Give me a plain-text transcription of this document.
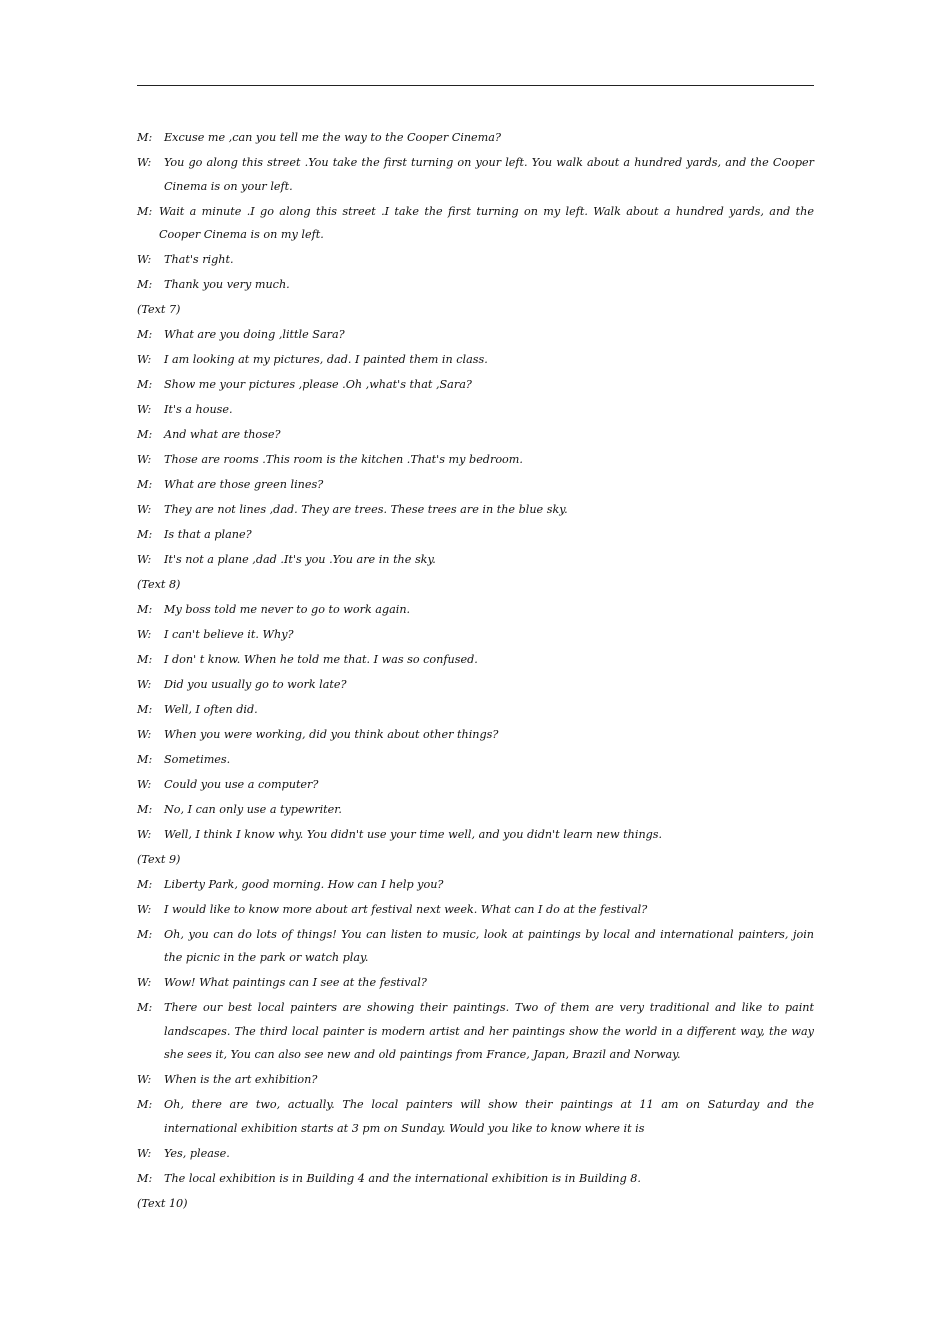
M:	Excuse me ,can you tell me the way to the Cooper Cinema?
W:	You go along this street .You take the first turning on your left. You walk about a hundred yards, and the Cooper Cinema is on your left.
M: Wait a minute .I go along this street .I take the first turning on my left. Walk about a hundred yards, and the Cooper Cinema is on my left.
W:	That's right.
M:	Thank you very much.
(Text 7)
M:	What are you doing ,little Sara?
W:	I am looking at my pictures, dad. I painted them in class.
M:	Show me your pictures ,please .Oh ,what's that ,Sara?
W:	It's a house.
M:	And what are those?
W:	Those are rooms .This room is the kitchen .That's my bedroom.
M:	What are those green lines?
W:	They are not lines ,dad. They are trees. These trees are in the blue sky.
M:	Is that a plane?
W:	It's not a plane ,dad .It's you .You are in the sky.
(Text 8)
M:	My boss told me never to go to work again.
W:	I can't believe it. Why?
M:	I don' t know. When he told me that. I was so confused.
W:	Did you usually go to work late?
M:	Well, I often did.
W:	When you were working, did you think about other things?
M:	Sometimes.
W:	Could you use a computer?
M:	No, I can only use a typewriter.
W:	Well, I think I know why. You didn't use your time well, and you didn't learn new things.
(Text 9)
M:	Liberty Park, good morning. How can I help you?
W:	I would like to know more about art festival next week. What can I do at the festival?
M:	Oh, you can do lots of things! You can listen to music, look at paintings by local and international painters, join the picnic in the park or watch play.
W:	Wow! What paintings can I see at the festival?
M:	There our best local painters are showing their paintings. Two of them are very traditional and like to paint landscapes. The third local painter is modern artist and her paintings show the world in a different way, the way she sees it, You can also see new and old paintings from France, Japan, Brazil and Norway.
W:	When is the art exhibition?
M:	Oh, there are two, actually. The local painters will show their paintings at 11 am on Saturday and the international exhibition starts at 3 pm on Sunday. Would you like to know where it is
W:	Yes, please.
M:	The local exhibition is in Building 4 and the international exhibition is in Building 8.
(Text 10)
